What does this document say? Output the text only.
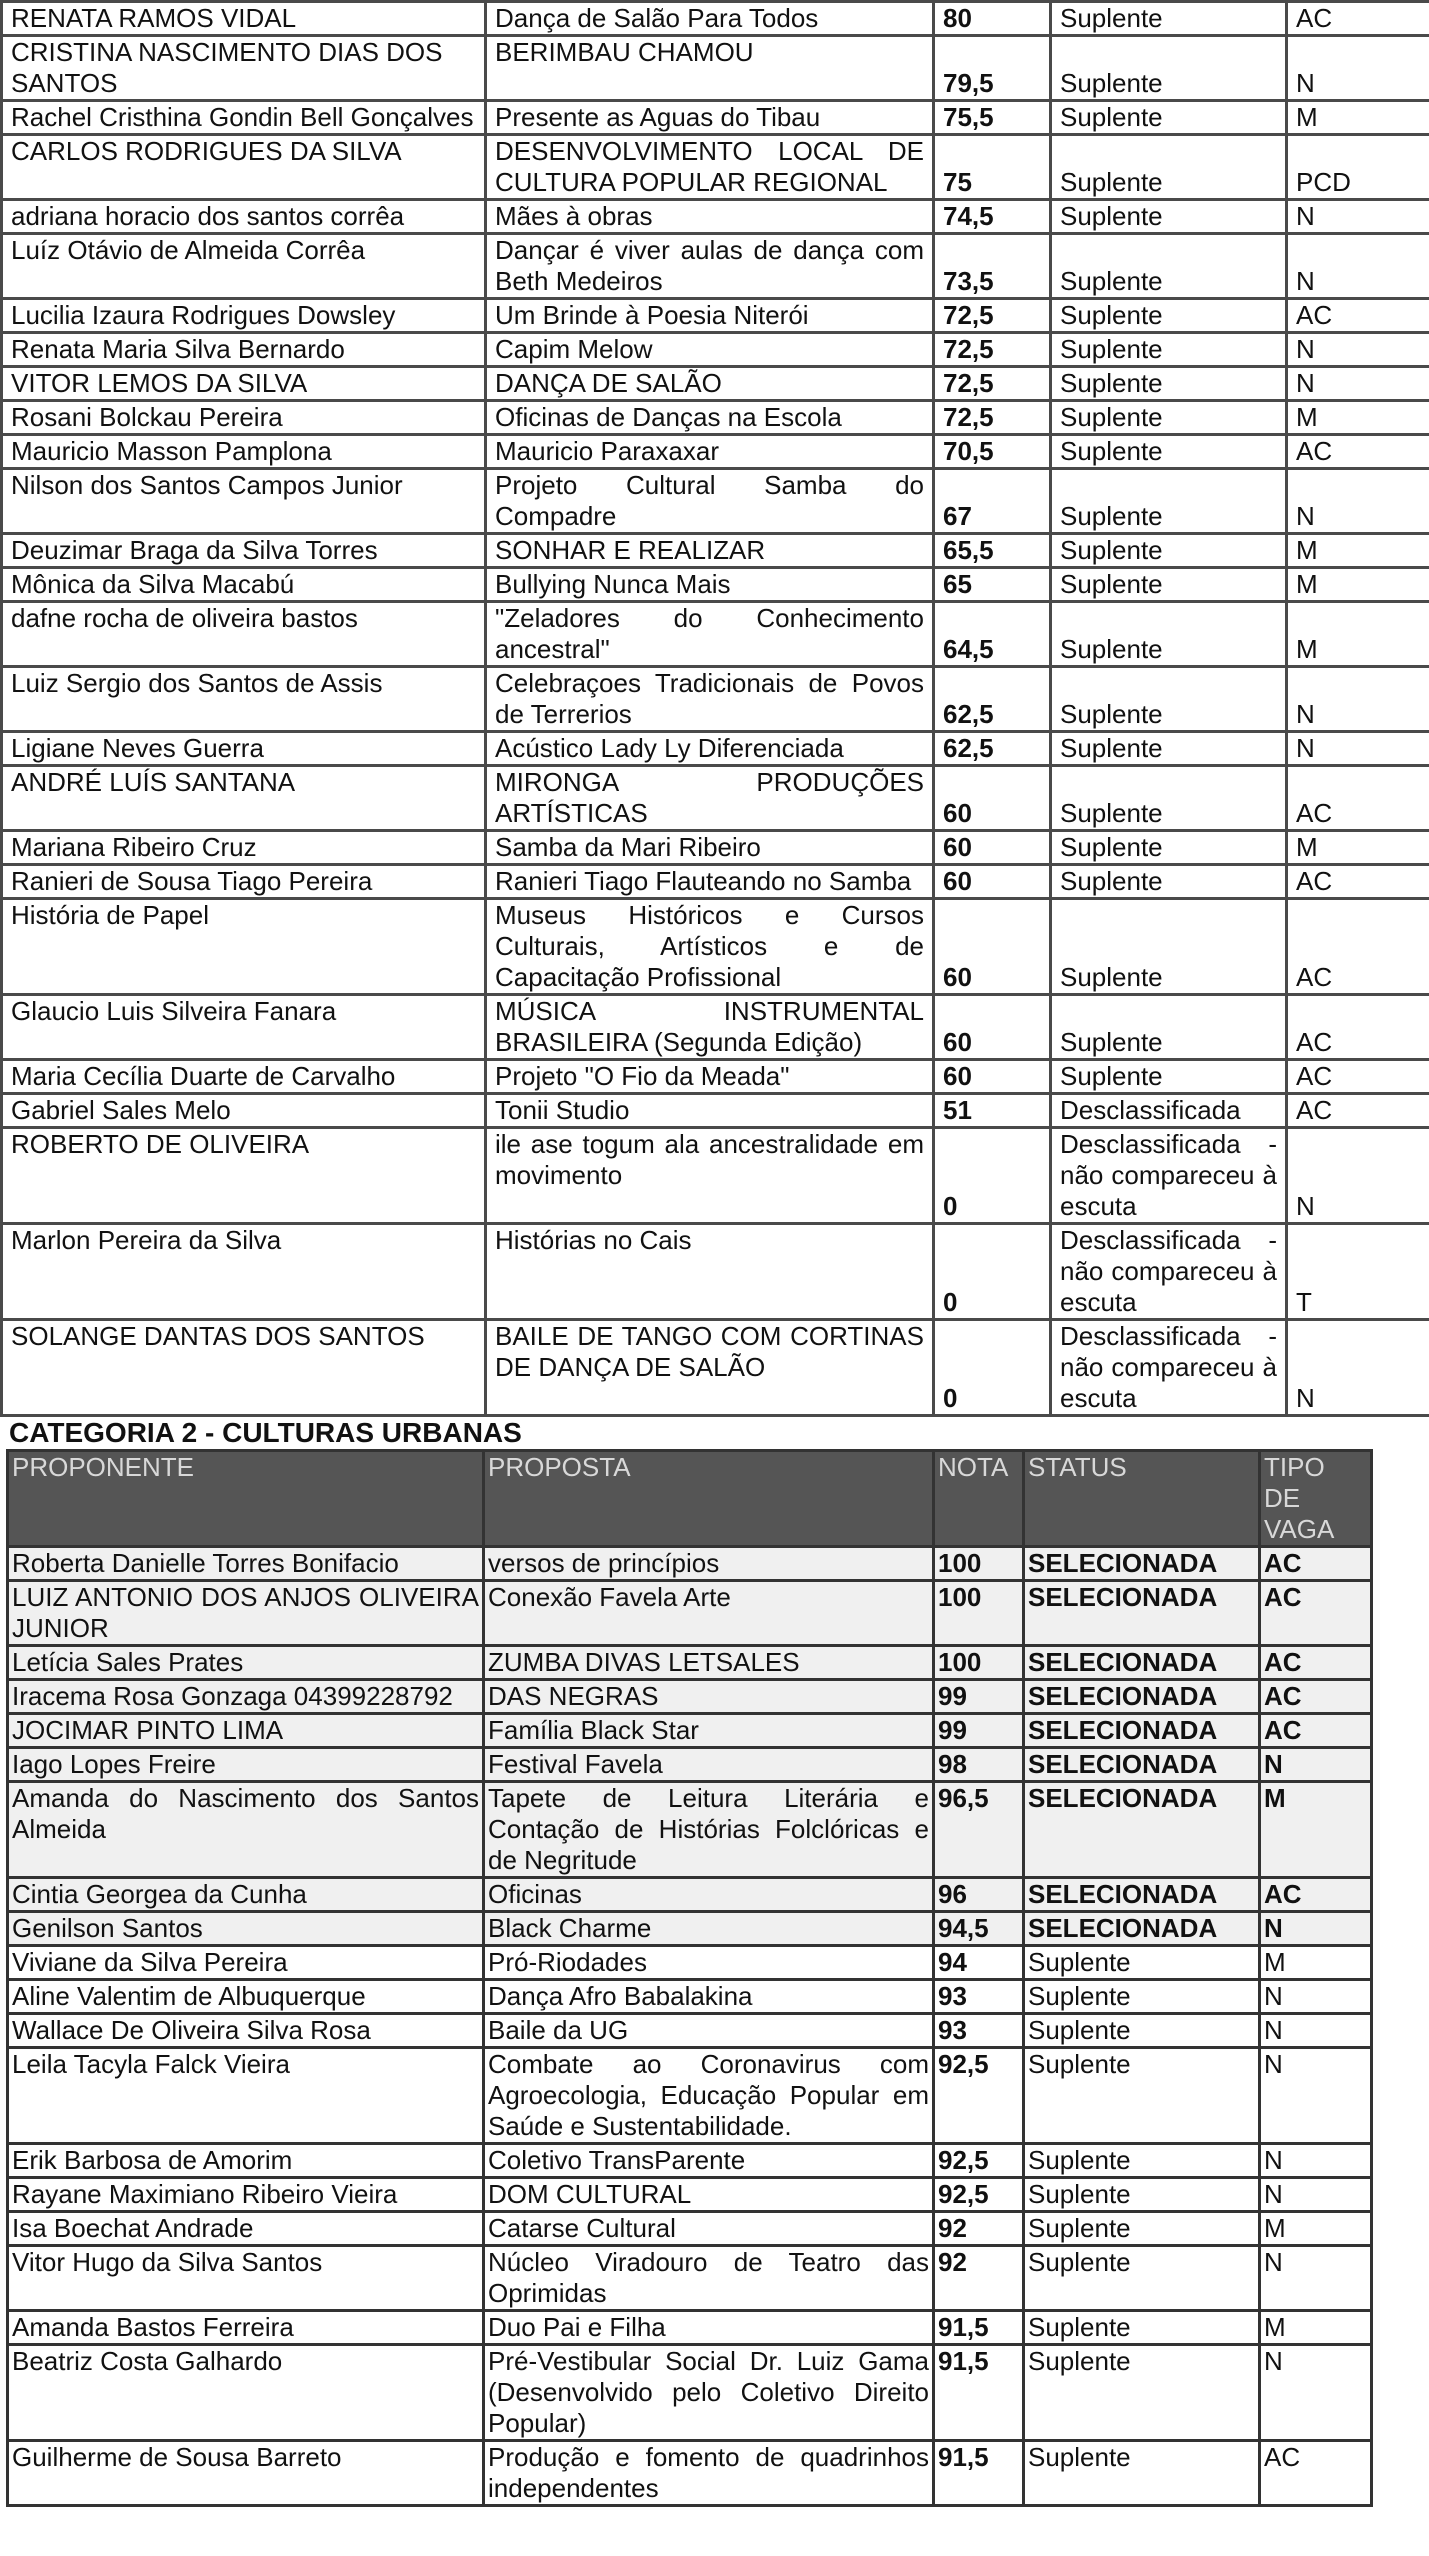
RENATA RAMOS VIDAL	Dança de Salão Para Todos	80	Suplente	AC
CRISTINA NASCIMENTO DIAS DOS SANTOS	BERIMBAU CHAMOU	79,5	Suplente	N
Rachel Cristhina Gondin Bell Gonçalves	Presente as Aguas do Tibau	75,5	Suplente	M
CARLOS RODRIGUES DA SILVA	DESENVOLVIMENTO LOCAL DE CULTURA POPULAR REGIONAL	75	Suplente	PCD
adriana horacio dos santos corrêa	Mães à obras	74,5	Suplente	N
Luíz Otávio de Almeida Corrêa	Dançar é viver aulas de dança com Beth Medeiros	73,5	Suplente	N
Lucilia Izaura Rodrigues Dowsley	Um Brinde à Poesia Niterói	72,5	Suplente	AC
Renata Maria Silva Bernardo	Capim Melow	72,5	Suplente	N
VITOR LEMOS DA SILVA	DANÇA DE SALÃO	72,5	Suplente	N
Rosani Bolckau Pereira	Oficinas de Danças na Escola	72,5	Suplente	M
Mauricio Masson Pamplona	Mauricio Paraxaxar	70,5	Suplente	AC
Nilson dos Santos Campos Junior	Projeto Cultural Samba do Compadre	67	Suplente	N
Deuzimar Braga da Silva Torres	SONHAR E REALIZAR	65,5	Suplente	M
Mônica da Silva Macabú	Bullying Nunca Mais	65	Suplente	M
dafne rocha de oliveira bastos	"Zeladores do Conhecimento ancestral"	64,5	Suplente	M
Luiz Sergio dos Santos de Assis	Celebraçoes Tradicionais de Povos de Terrerios	62,5	Suplente	N
Ligiane Neves Guerra	Acústico Lady Ly Diferenciada	62,5	Suplente	N
ANDRÉ LUÍS SANTANA	MIRONGA PRODUÇÕES ARTÍSTICAS	60	Suplente	AC
Mariana Ribeiro Cruz	Samba da Mari Ribeiro	60	Suplente	M
Ranieri de Sousa Tiago Pereira	Ranieri Tiago Flauteando no Samba	60	Suplente	AC
História de Papel	Museus Históricos e Cursos Culturais, Artísticos e de Capacitação Profissional	60	Suplente	AC
Glaucio Luis Silveira Fanara	MÚSICA INSTRUMENTAL BRASILEIRA (Segunda Edição)	60	Suplente	AC
Maria Cecília Duarte de Carvalho	Projeto "O Fio da Meada"	60	Suplente	AC
Gabriel Sales Melo	Tonii Studio	51	Desclassificada	AC
ROBERTO DE OLIVEIRA	ile ase togum ala ancestralidade em movimento	0	Desclassificada - não compareceu à escuta	N
Marlon Pereira da Silva	Histórias no Cais	0	Desclassificada - não compareceu à escuta	T
SOLANGE DANTAS DOS SANTOS	BAILE DE TANGO COM CORTINAS DE DANÇA DE SALÃO	0	Desclassificada - não compareceu à escuta	N
CATEGORIA 2 - CULTURAS URBANAS
PROPONENTE	PROPOSTA	NOTA	STATUS	TIPO DE VAGA
Roberta Danielle Torres Bonifacio	versos de princípios	100	SELECIONADA	AC
LUIZ ANTONIO DOS ANJOS OLIVEIRA JUNIOR	Conexão Favela Arte	100	SELECIONADA	AC
Letícia Sales Prates	ZUMBA DIVAS LETSALES	100	SELECIONADA	AC
Iracema Rosa Gonzaga 04399228792	DAS NEGRAS	99	SELECIONADA	AC
JOCIMAR PINTO LIMA	Família Black Star	99	SELECIONADA	AC
Iago Lopes Freire	Festival Favela	98	SELECIONADA	N
Amanda do Nascimento dos Santos Almeida	Tapete de Leitura Literária e Contação de Histórias Folclóricas e de Negritude	96,5	SELECIONADA	M
Cintia Georgea da Cunha	Oficinas	96	SELECIONADA	AC
Genilson Santos	Black Charme	94,5	SELECIONADA	N
Viviane da Silva Pereira	Pró-Riodades	94	Suplente	M
Aline Valentim de Albuquerque	Dança Afro Babalakina	93	Suplente	N
Wallace De Oliveira Silva Rosa	Baile da UG	93	Suplente	N
Leila Tacyla Falck Vieira	Combate ao Coronavirus com Agroecologia, Educação Popular em Saúde e Sustentabilidade.	92,5	Suplente	N
Erik Barbosa de Amorim	Coletivo TransParente	92,5	Suplente	N
Rayane Maximiano Ribeiro Vieira	DOM CULTURAL	92,5	Suplente	N
Isa Boechat Andrade	Catarse Cultural	92	Suplente	M
Vitor Hugo da Silva Santos	Núcleo Viradouro de Teatro das Oprimidas	92	Suplente	N
Amanda Bastos Ferreira	Duo Pai e Filha	91,5	Suplente	M
Beatriz Costa Galhardo	Pré-Vestibular Social Dr. Luiz Gama (Desenvolvido pelo Coletivo Direito Popular)	91,5	Suplente	N
Guilherme de Sousa Barreto	Produção e fomento de quadrinhos independentes	91,5	Suplente	AC
